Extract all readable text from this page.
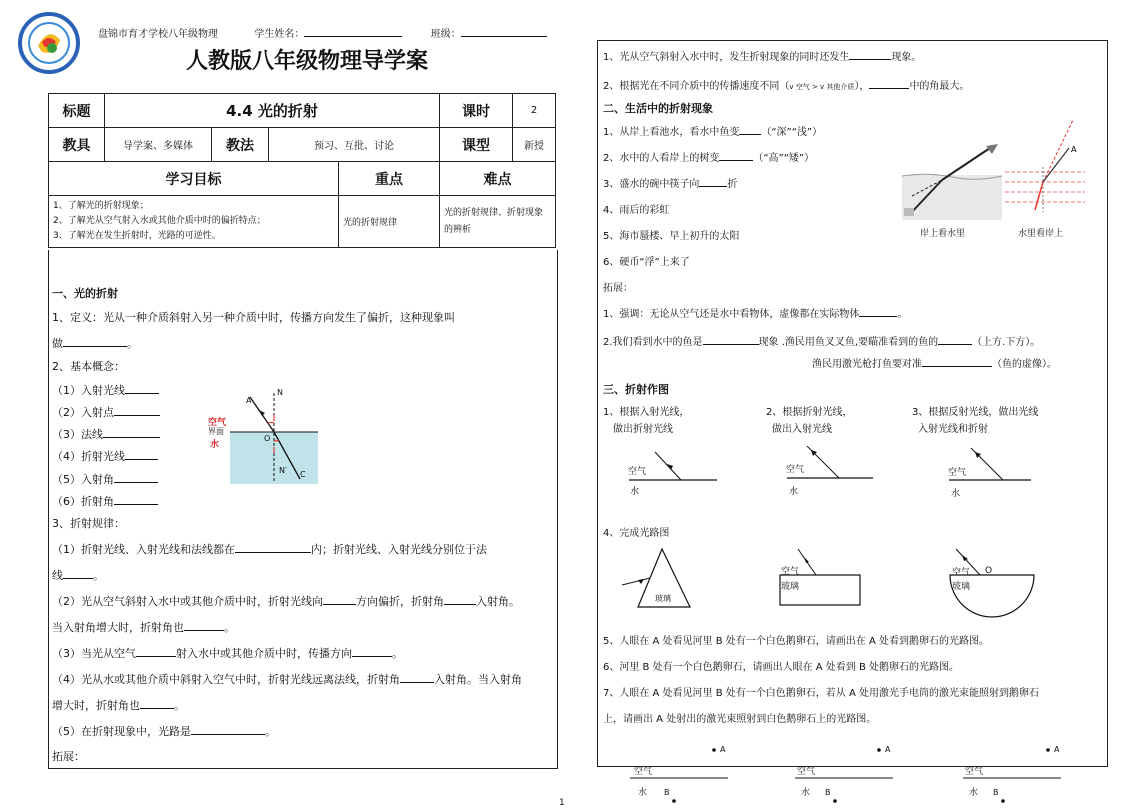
盘锦市育才学校八年级物理	学生姓名：	班级：
人教版八年级物理导学案
标题	4.4 光的折射				课时	2
教具	导学案、多媒体	教法	预习、互批、讨论		课型	新授
学习目标				重点	难点	

1、了解光的折射现象；
2、了解光从空气射入水或其他介质中时的偏折特点；
3、了解光在发生折射时，光路的可逆性。				光的折射规律	光的折射规律、折射现象的辨析	
一、光的折射
1、定义：光从一种介质斜射入另一种介质中时，传播方向发生了偏折，这种现象叫
做	。
2、基本概念：
（1）入射光线
（2）入射点
（3）法线
（4）折射光线
（5）入射角
（6）折射角
空气
界面
水
N
O
N′
A
C
3、折射规律：
（1）折射光线、入射光线和法线都在	内；折射光线、入射光线分别位于法
线	。
（2）光从空气斜射入水中或其他介质中时，折射光线向	方向偏折，折射角	入射角。
当入射角增大时，折射角也	。
（3）当光从空气	射入水中或其他介质中时，传播方向	。
（4）光从水或其他介质中斜射入空气中时，折射光线远离法线，折射角	入射角。当入射角
增大时，折射角也	。
（5）在折射现象中，光路是	。
拓展：
1、光从空气斜射入水中时，发生折射现象的同时还发生	现象。
2、根据光在不同介质中的传播速度不同（v 空气 > v 其他介质），	中的角最大。
二、生活中的折射现象
1、从岸上看池水，看水中鱼变 （“深”“浅”）
2、水中的人看岸上的树变	（“高”“矮”）
3、盛水的碗中筷子向	折
4、雨后的彩虹
5、海市蜃楼、早上初升的太阳
6、硬币“浮”上来了
A
岸上看水里	水里看岸上
拓展：
1、强调：无论从空气还是水中看物体，虚像都在实际物体	。
2.我们看到水中的鱼是	现象 .渔民用鱼叉叉鱼,要瞄准看到的鱼的	（上方.下方）。
渔民用激光枪打鱼要对准	（鱼的虚像）。
三、折射作图
1、根据入射光线，
做出折射光线
2、根据折射光线，
做出入射光线
3、根据反射光线，做出光线
入射光线和折射
空气
水
空气
水
空气
水
4、完成光路图
玻璃
空气
玻璃
空气
玻璃
O
5、人眼在 A 处看见河里 B 处有一个白色鹅卵石，请画出在 A 处看到鹅卵石的光路图。
6、河里 B 处有一个白色鹅卵石，请画出人眼在 A 处看到 B 处鹅卵石的光路图。
7、人眼在 A 处看见河里 B 处有一个白色鹅卵石，若从 A 处用激光手电筒的激光束能照射到鹅卵石
上，请画出 A 处射出的激光束照射到白色鹅卵石上的光路图。
空气
水
A
B
空气
水
A
B
空气
水
A
B
1
